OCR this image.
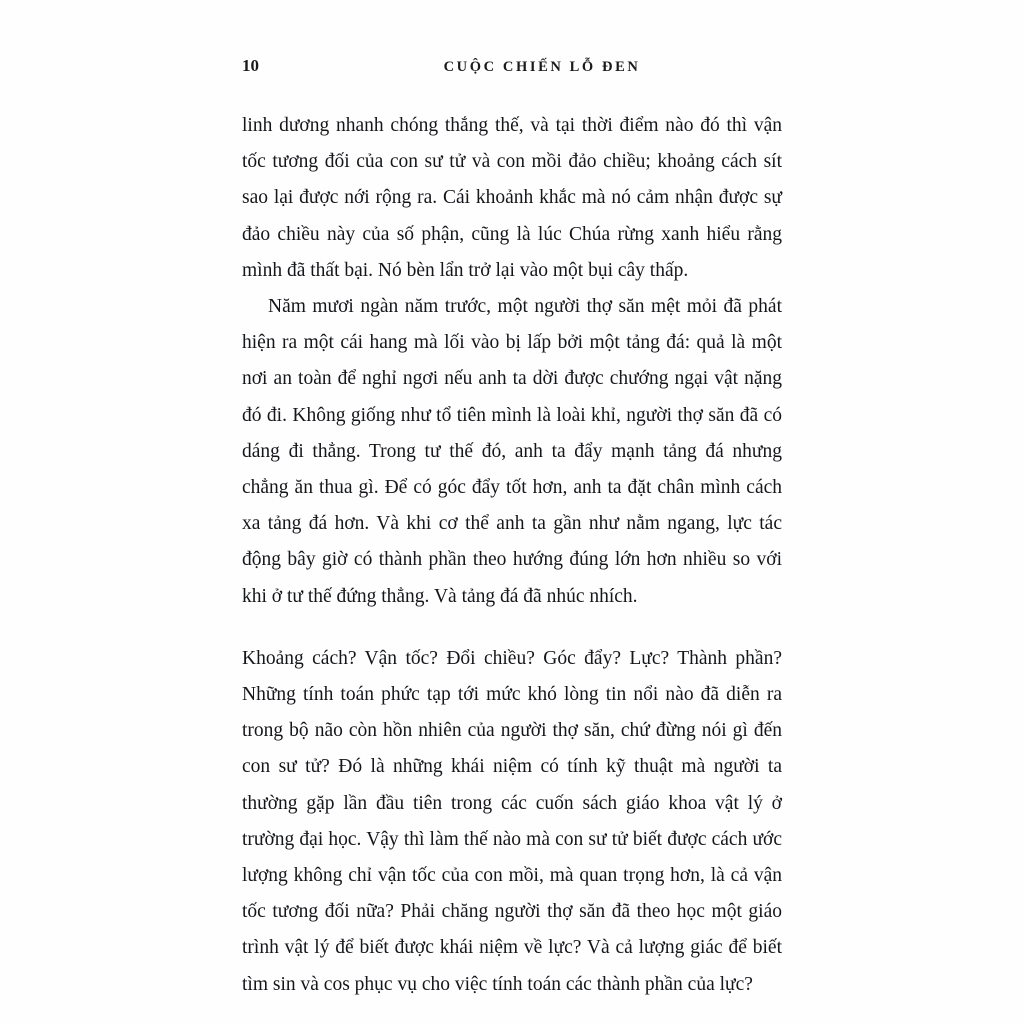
10	CUỘC CHIẾN LỖ ĐEN

linh dương nhanh chóng thắng thế, và tại thời điểm nào đó thì vận tốc tương đối của con sư tử và con mồi đảo chiều; khoảng cách sít sao lại được nới rộng ra. Cái khoảnh khắc mà nó cảm nhận được sự đảo chiều này của số phận, cũng là lúc Chúa rừng xanh hiểu rằng mình đã thất bại. Nó bèn lẩn trở lại vào một bụi cây thấp.

Năm mươi ngàn năm trước, một người thợ săn mệt mỏi đã phát hiện ra một cái hang mà lối vào bị lấp bởi một tảng đá: quả là một nơi an toàn để nghỉ ngơi nếu anh ta dời được chướng ngại vật nặng đó đi. Không giống như tổ tiên mình là loài khỉ, người thợ săn đã có dáng đi thẳng. Trong tư thế đó, anh ta đẩy mạnh tảng đá nhưng chẳng ăn thua gì. Để có góc đẩy tốt hơn, anh ta đặt chân mình cách xa tảng đá hơn. Và khi cơ thể anh ta gần như nằm ngang, lực tác động bây giờ có thành phần theo hướng đúng lớn hơn nhiều so với khi ở tư thế đứng thẳng. Và tảng đá đã nhúc nhích.

Khoảng cách? Vận tốc? Đổi chiều? Góc đẩy? Lực? Thành phần? Những tính toán phức tạp tới mức khó lòng tin nổi nào đã diễn ra trong bộ não còn hồn nhiên của người thợ săn, chứ đừng nói gì đến con sư tử? Đó là những khái niệm có tính kỹ thuật mà người ta thường gặp lần đầu tiên trong các cuốn sách giáo khoa vật lý ở trường đại học. Vậy thì làm thế nào mà con sư tử biết được cách ước lượng không chỉ vận tốc của con mồi, mà quan trọng hơn, là cả vận tốc tương đối nữa? Phải chăng người thợ săn đã theo học một giáo trình vật lý để biết được khái niệm về lực? Và cả lượng giác để biết tìm sin và cos phục vụ cho việc tính toán các thành phần của lực?
